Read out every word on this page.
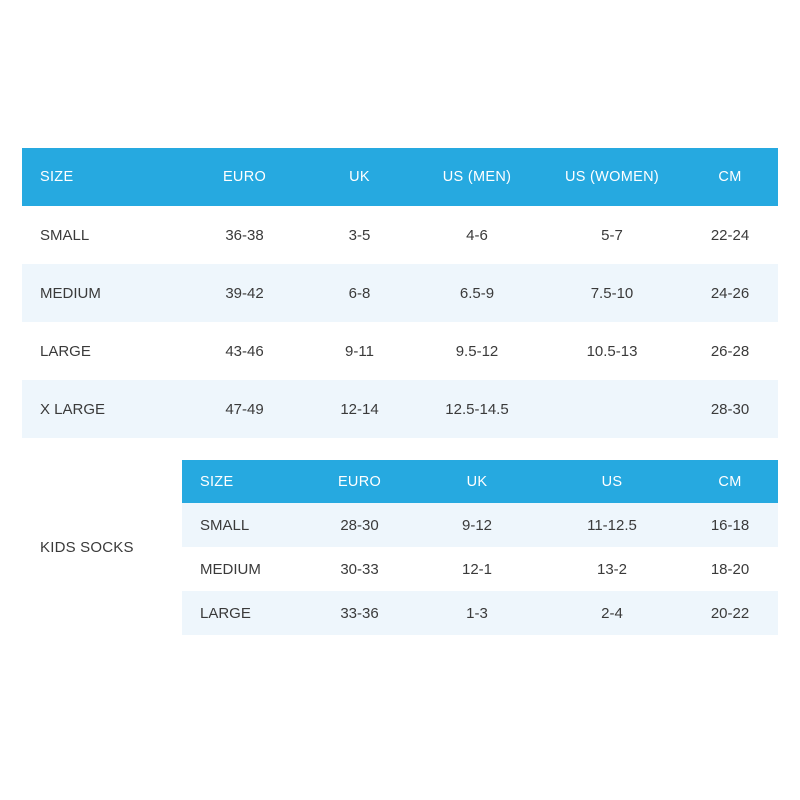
SIZE	EURO	UK	US (MEN)	US (WOMEN)	CM
SMALL	36-38	3-5	4-6	5-7	22-24
MEDIUM	39-42	6-8	6.5-9	7.5-10	24-26
LARGE	43-46	9-11	9.5-12	10.5-13	26-28
X LARGE	47-49	12-14	12.5-14.5		28-30
KIDS SOCKS
SIZE	EURO	UK	US	CM
SMALL	28-30	9-12	11-12.5	16-18
MEDIUM	30-33	12-1	13-2	18-20
LARGE	33-36	1-3	2-4	20-22
